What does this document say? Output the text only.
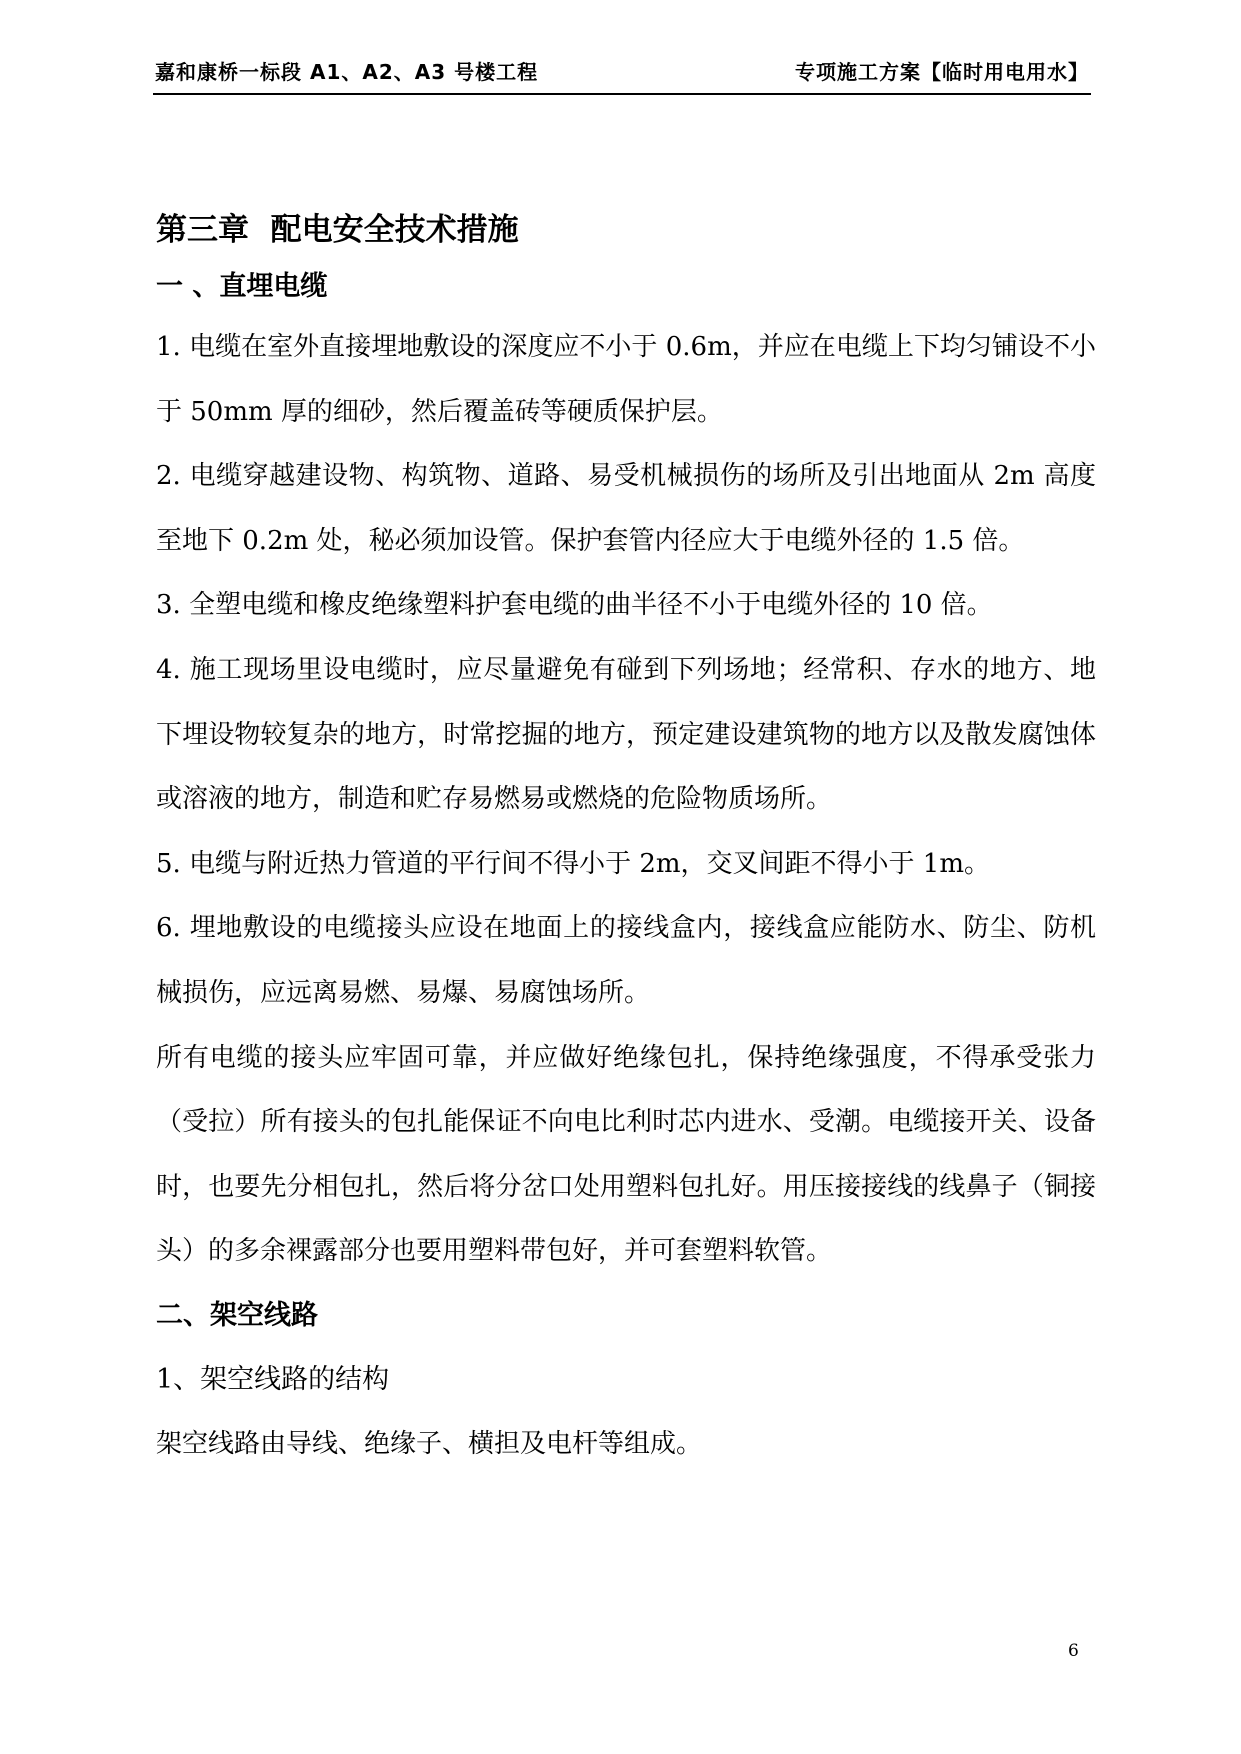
嘉和康桥一标段 A1、A2、A3 号楼工程	专项施工方案【临时用电用水】
第三章  配电安全技术措施
一 、直埋电缆

1. 电缆在室外直接埋地敷设的深度应不小于 0.6m，并应在电缆上下均匀铺设不小于 50mm 厚的细砂，然后覆盖砖等硬质保护层。

2. 电缆穿越建设物、构筑物、道路、易受机械损伤的场所及引出地面从 2m 高度至地下 0.2m 处，秘必须加设管。保护套管内径应大于电缆外径的 1.5 倍。

3. 全塑电缆和橡皮绝缘塑料护套电缆的曲半径不小于电缆外径的 10 倍。

4. 施工现场里设电缆时，应尽量避免有碰到下列场地；经常积、存水的地方、地下埋设物较复杂的地方，时常挖掘的地方，预定建设建筑物的地方以及散发腐蚀体或溶液的地方，制造和贮存易燃易或燃烧的危险物质场所。

5. 电缆与附近热力管道的平行间不得小于 2m，交叉间距不得小于 1m。

6. 埋地敷设的电缆接头应设在地面上的接线盒内，接线盒应能防水、防尘、防机械损伤，应远离易燃、易爆、易腐蚀场所。

所有电缆的接头应牢固可靠，并应做好绝缘包扎，保持绝缘强度，不得承受张力（受拉）所有接头的包扎能保证不向电比利时芯内进水、受潮。电缆接开关、设备时，也要先分相包扎，然后将分岔口处用塑料包扎好。用压接接线的线鼻子（铜接头）的多余裸露部分也要用塑料带包好，并可套塑料软管。

二、架空线路

1、架空线路的结构

架空线路由导线、绝缘子、横担及电杆等组成。

6
